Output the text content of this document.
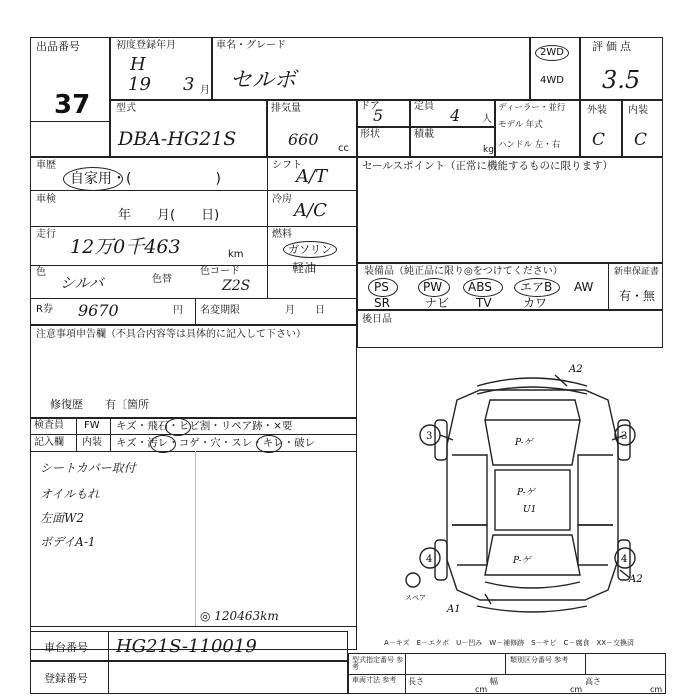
出品番号
37
初度登録年月
H
19 3 月
車名・グレード
セルボ
2WD
4WD
評価点
3.5
型式
DBA-HG21S
排気量
660 cc
ドア
5	定員 4 人
形状	積載
kg
ディーラー・並行
モデル 年式
ハンドル 左・右
外装
C
内装
C
車歴
自家用・(　　　　　　)
車検
年　　月(　　日)
走行
12万0千463	km
色
シルバ	色替
色コード
Z2S
シフト
A/T
冷房
A/C
燃料
ガソリン
軽油
R券 9670	円 名変期限	月　　日
セールスポイント（正常に機能するものに限ります）
装備品（純正品に限り◎をつけてください）	新車保証書
有・無
PS	PW ABS エアB AW
SR	ナビ TV	カワ
後日品
注意事項申告欄（不具合内容等は具体的に記入して下さい）
修復歴　　有〔箇所
検査員
記入欄
FW キズ・飛石・ヒビ割・リペア跡・×要
内装 キズ・汚レ・コゲ・穴・スレ・キレ・破レ
シートカバー取付
オイルもれ
左面W2
ボデイA-1
◎ 120463km
A2
3	3
P-ゲ
P-ゲ
U1
4	4
P-ゲ
A2
A1
スペア
A－キズ　E－エクボ　U－凹み　W－補修跡　S－サビ　C－腐食　XX－交換済
車台番号 HG21S-110019
登録番号
型式指定番号 参考
類別区分番号 参考
車両寸法 参考	長さ
cm
幅
cm
高さ
cm
